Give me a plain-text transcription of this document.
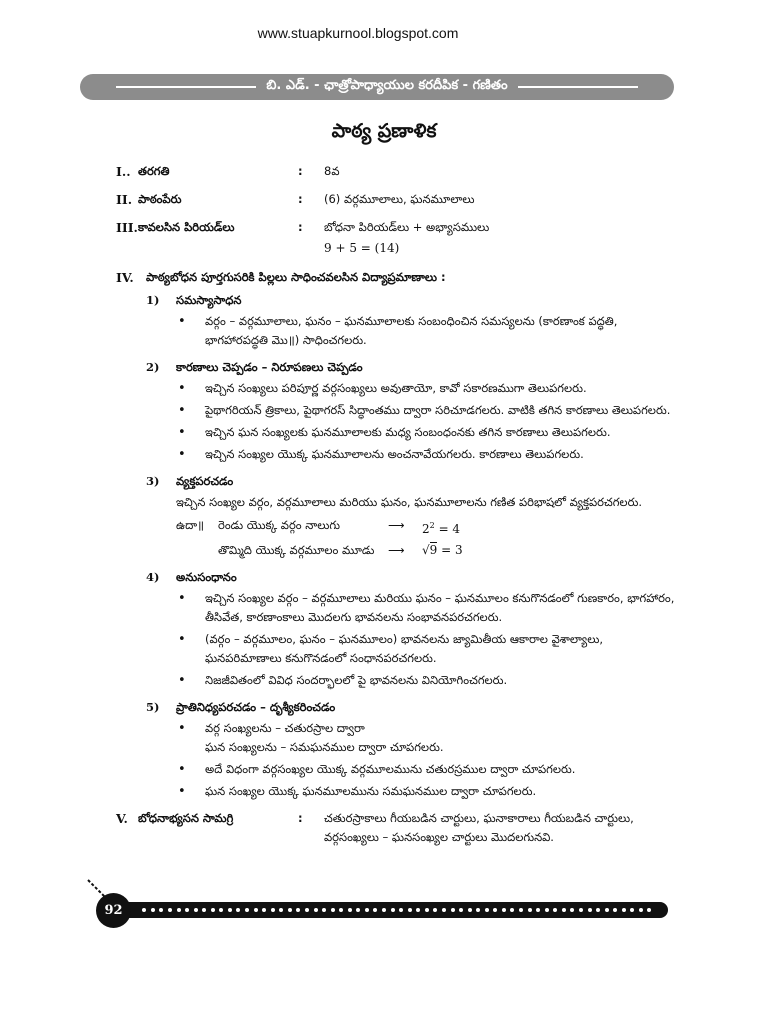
www.stuapkurnool.blogspot.com
బి. ఎడ్. - ఛాత్రోపాధ్యాయుల కరదీపిక - గణితం
పాఠ్య ప్రణాళిక
I.. తరగతి	:	8వ
II. పాఠంపేరు	:	(6) వర్గమూలాలు, ఘనమూలాలు
III. కావలసిన పిరియడ్‌లు	:	బోధనా పిరియడ్‌లు + అభ్యాసములు
9 + 5 = (14)
IV.	పాఠ్యబోధన పూర్తగుసరికి పిల్లలు సాధించవలసిన విద్యాప్రమాణాలు :
1)	సమస్యాసాధన
• వర్గం – వర్గమూలాలు, ఘనం – ఘనమూలాలకు సంబంధించిన సమస్యలను (కారణాంక పద్ధతి, భాగహారపద్ధతి మొ॥) సాధించగలరు.
2)	కారణాలు చెప్పడం – నిరూపణలు చెప్పడం
• ఇచ్చిన సంఖ్యలు పరిపూర్ణ వర్గసంఖ్యలు అవుతాయో, కావో సకారణముగా తెలుపగలరు.
• పైథాగరియన్ త్రికాలు, పైథాగరస్ సిద్ధాంతము ద్వారా సరిచూడగలరు. వాటికి తగిన కారణాలు తెలుపగలరు.
• ఇచ్చిన ఘన సంఖ్యలకు ఘనమూలాలకు మధ్య సంబంధంనకు తగిన కారణాలు తెలుపగలరు.
• ఇచ్చిన సంఖ్యల యొక్క ఘనమూలాలను అంచనావేయగలరు. కారణాలు తెలుపగలరు.
3)	వ్యక్తపరచడం
ఇచ్చిన సంఖ్యల వర్గం, వర్గమూలాలు మరియు ఘనం, ఘనమూలాలను గణిత పరిభాషలో వ్యక్తపరచగలరు.
ఉదా॥	రెండు యొక్క వర్గం నాలుగు	⟶	$2^2 = 4$
తొమ్మిది యొక్క వర్గమూలం మూడు	⟶	√9 = 3
4)	అనుసంధానం
• ఇచ్చిన సంఖ్యల వర్గం – వర్గమూలాలు మరియు ఘనం – ఘనమూలం కనుగొనడంలో గుణకారం, భాగహారం, తీసివేత, కారణాంకాలు మొదలగు భావనలను సంభావనపరచగలరు.
• (వర్గం – వర్గమూలం, ఘనం – ఘనమూలం) భావనలను జ్యామితీయ ఆకారాల వైశాల్యాలు, ఘనపరిమాణాలు కనుగొనడంలో సంధానపరచగలరు.
• నిజజీవితంలో వివిధ సందర్భాలలో పై భావనలను వినియోగించగలరు.
5)	ప్రాతినిధ్యపరచడం – దృశ్యీకరించడం
• వర్గ సంఖ్యలను – చతురస్రాల ద్వారా
ఘన సంఖ్యలను – సమఘనముల ద్వారా చూపగలరు.
• అదే విధంగా వర్గసంఖ్యల యొక్క వర్గమూలమును చతురస్రముల ద్వారా చూపగలరు.
• ఘన సంఖ్యల యొక్క ఘనమూలమును సమఘనముల ద్వారా చూపగలరు.
V. బోధనాభ్యసన సామగ్రి	:	చతురస్రాకాలు గీయబడిన చార్టులు, ఘనాకారాలు గీయబడిన చార్టులు, వర్గసంఖ్యలు – ఘనసంఖ్యల చార్టులు మొదలగునవి.
92
